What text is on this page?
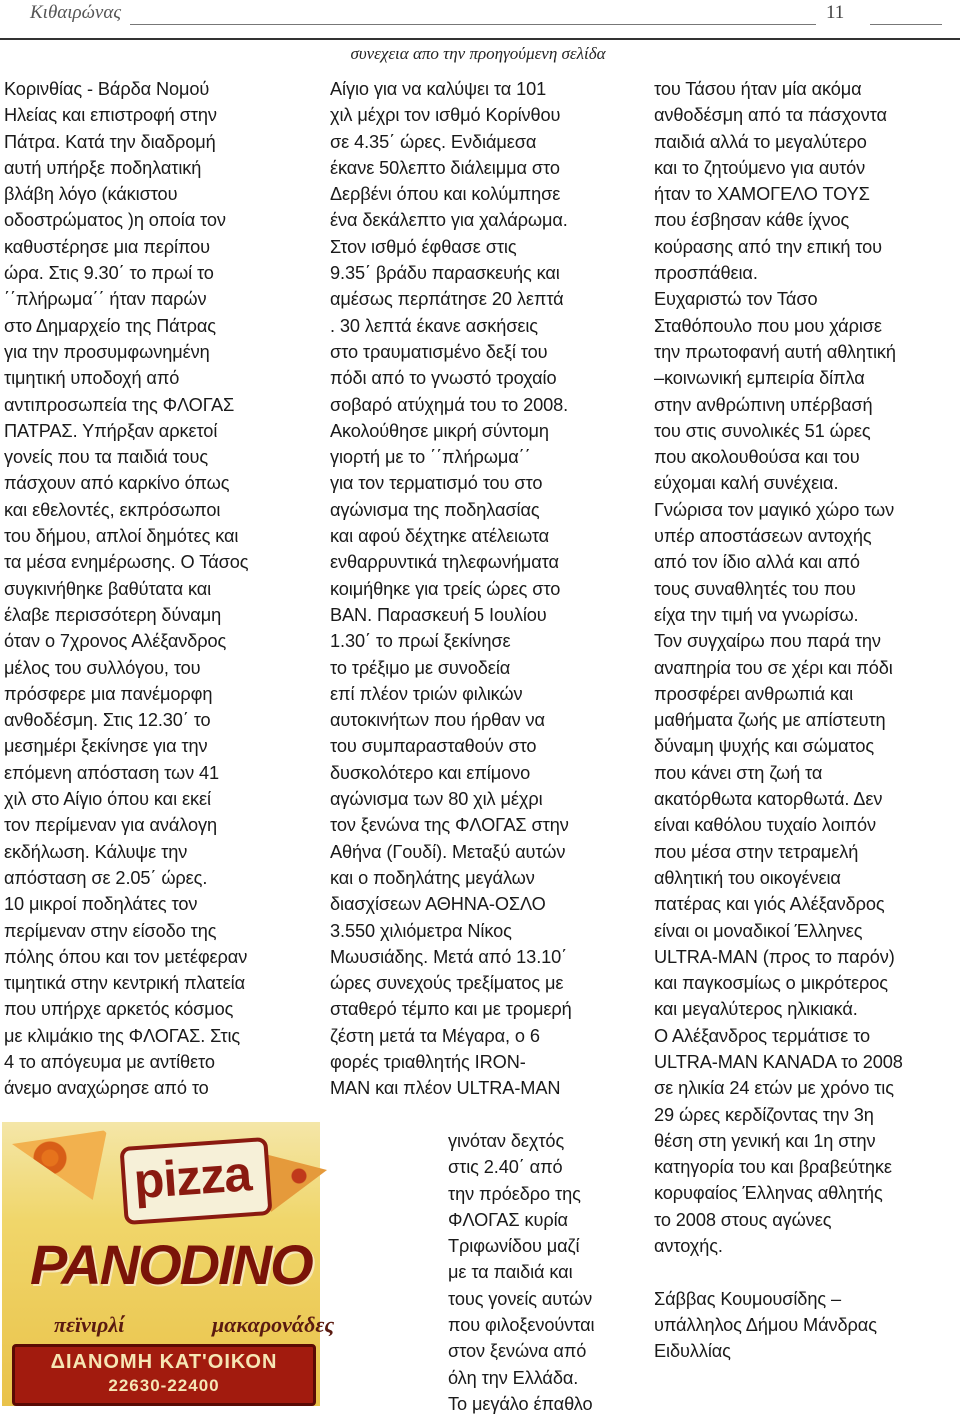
Κιθαιρώνας	11
συνεχεια απο την προηγούμενη σελίδα
Κορινθίας - Βάρδα Νομού
Ηλείας και επιστροφή στην
Πάτρα. Κατά την διαδρομή
αυτή υπήρξε ποδηλατική
βλάβη λόγο (κάκιστου
οδοστρώματος )η οποία τον
καθυστέρησε μια περίπου
ώρα. Στις 9.30΄ το πρωί το
΄΄πλήρωμα΄΄ ήταν παρών
στο Δημαρχείο της Πάτρας
για την προσυμφωνημένη
τιμητική υποδοχή από
αντιπροσωπεία της ΦΛΟΓΑΣ
ΠΑΤΡΑΣ. Υπήρξαν αρκετοί
γονείς που τα παιδιά τους
πάσχουν από καρκίνο όπως
και εθελοντές, εκπρόσωποι
του δήμου, απλοί δημότες και
τα μέσα ενημέρωσης. Ο Τάσος
συγκινήθηκε βαθύτατα και
έλαβε περισσότερη δύναμη
όταν ο 7χρονος Αλέξανδρος
μέλος του συλλόγου, του
πρόσφερε μια πανέμορφη
ανθοδέσμη. Στις 12.30΄ το
μεσημέρι ξεκίνησε για την
επόμενη απόσταση των 41
χιλ στο Αίγιο όπου και εκεί
τον περίμεναν για ανάλογη
εκδήλωση. Κάλυψε την
απόσταση σε 2.05΄ ώρες.
10 μικροί ποδηλάτες τον
περίμεναν στην είσοδο της
πόλης όπου και τον μετέφεραν
τιμητικά στην κεντρική πλατεία
που υπήρχε αρκετός κόσμος
με κλιμάκιο της ΦΛΟΓΑΣ. Στις
4 το απόγευμα με αντίθετο
άνεμο αναχώρησε από το
Αίγιο για να καλύψει τα 101
χιλ μέχρι τον ισθμό Κορίνθου
σε 4.35΄ ώρες. Ενδιάμεσα
έκανε 50λεπτο διάλειμμα στο
Δερβένι όπου και κολύμπησε
ένα δεκάλεπτο για χαλάρωμα.
Στον ισθμό έφθασε στις
9.35΄ βράδυ παρασκευής και
αμέσως περπάτησε 20 λεπτά
. 30 λεπτά έκανε ασκήσεις
στο τραυματισμένο δεξί του
πόδι από το γνωστό τροχαίο
σοβαρό ατύχημά του το 2008.
Ακολούθησε μικρή σύντομη
γιορτή με το ΄΄πλήρωμα΄΄
για τον τερματισμό του στο
αγώνισμα της ποδηλασίας
και αφού δέχτηκε ατέλειωτα
ενθαρρυντικά τηλεφωνήματα
κοιμήθηκε για τρείς ώρες στο
ΒΑΝ. Παρασκευή 5 Ιουλίου
1.30΄ το πρωί ξεκίνησε
το τρέξιμο με συνοδεία
επί πλέον τριών φιλικών
αυτοκινήτων που ήρθαν να
του συμπαρασταθούν στο
δυσκολότερο και επίμονο
αγώνισμα των 80 χιλ μέχρι
τον ξενώνα της ΦΛΟΓΑΣ στην
Αθήνα (Γουδί). Μεταξύ αυτών
και ο ποδηλάτης μεγάλων
διασχίσεων ΑΘΗΝΑ-ΟΣΛΟ
3.550 χιλιόμετρα Νίκος
Μωυσιάδης. Μετά από 13.10΄
ώρες συνεχούς τρεξίματος με
σταθερό τέμπο και με τρομερή
ζέστη μετά τα Μέγαρα, ο 6
φορές τριαθλητής IRON-
MAN και πλέον ULTRA-MAN
γινόταν δεχτός
στις 2.40΄ από
την πρόεδρο της
ΦΛΟΓΑΣ κυρία
Τριφωνίδου μαζί
με τα παιδιά και
τους γονείς αυτών
που φιλοξενούνται
στον ξενώνα από
όλη την Ελλάδα.
Το μεγάλο έπαθλο
του Τάσου ήταν μία ακόμα
ανθοδέσμη από τα πάσχοντα
παιδιά αλλά το μεγαλύτερο
και το ζητούμενο για αυτόν
ήταν το ΧΑΜΟΓΕΛΟ ΤΟΥΣ
που έσβησαν κάθε ίχνος
κούρασης από την επική του
προσπάθεια.
Ευχαριστώ τον Τάσο
Σταθόπουλο που μου χάρισε
την πρωτοφανή αυτή αθλητική
–κοινωνική εμπειρία δίπλα
στην ανθρώπινη υπέρβασή
του στις συνολικές 51 ώρες
που ακολουθούσα και του
εύχομαι καλή συνέχεια.
Γνώρισα τον μαγικό χώρο των
υπέρ αποστάσεων αντοχής
από τον ίδιο αλλά και από
τους συναθλητές του που
είχα την τιμή να γνωρίσω.
Τον συγχαίρω που παρά την
αναπηρία του σε χέρι και πόδι
προσφέρει ανθρωπιά και
μαθήματα ζωής με απίστευτη
δύναμη ψυχής και σώματος
που κάνει στη ζωή τα
ακατόρθωτα κατορθωτά. Δεν
είναι καθόλου τυχαίο λοιπόν
που μέσα στην τετραμελή
αθλητική του οικογένεια
πατέρας και γιός Αλέξανδρος
είναι οι μοναδικοί Έλληνες
ULTRA-MAN (προς το παρόν)
και παγκοσμίως ο μικρότερος
και μεγαλύτερος ηλικιακά.
Ο Αλέξανδρος τερμάτισε το
ULTRA-MAN KANADA το 2008
σε ηλικία 24 ετών με χρόνο τις
29 ώρες κερδίζοντας την 3η
θέση στη γενική και 1η στην
κατηγορία του και βραβεύτηκε
κορυφαίος Έλληνας αθλητής
το 2008 στους αγώνες
αντοχής.

Σάββας Κουμουσίδης –
υπάλληλος Δήμου Μάνδρας
Ειδυλλίας
pizza
PANODINO
πεϊνιρλί	μακαρονάδες
ΔΙΑΝΟΜΗ ΚΑΤ'ΟΙΚΟΝ
22630-22400
